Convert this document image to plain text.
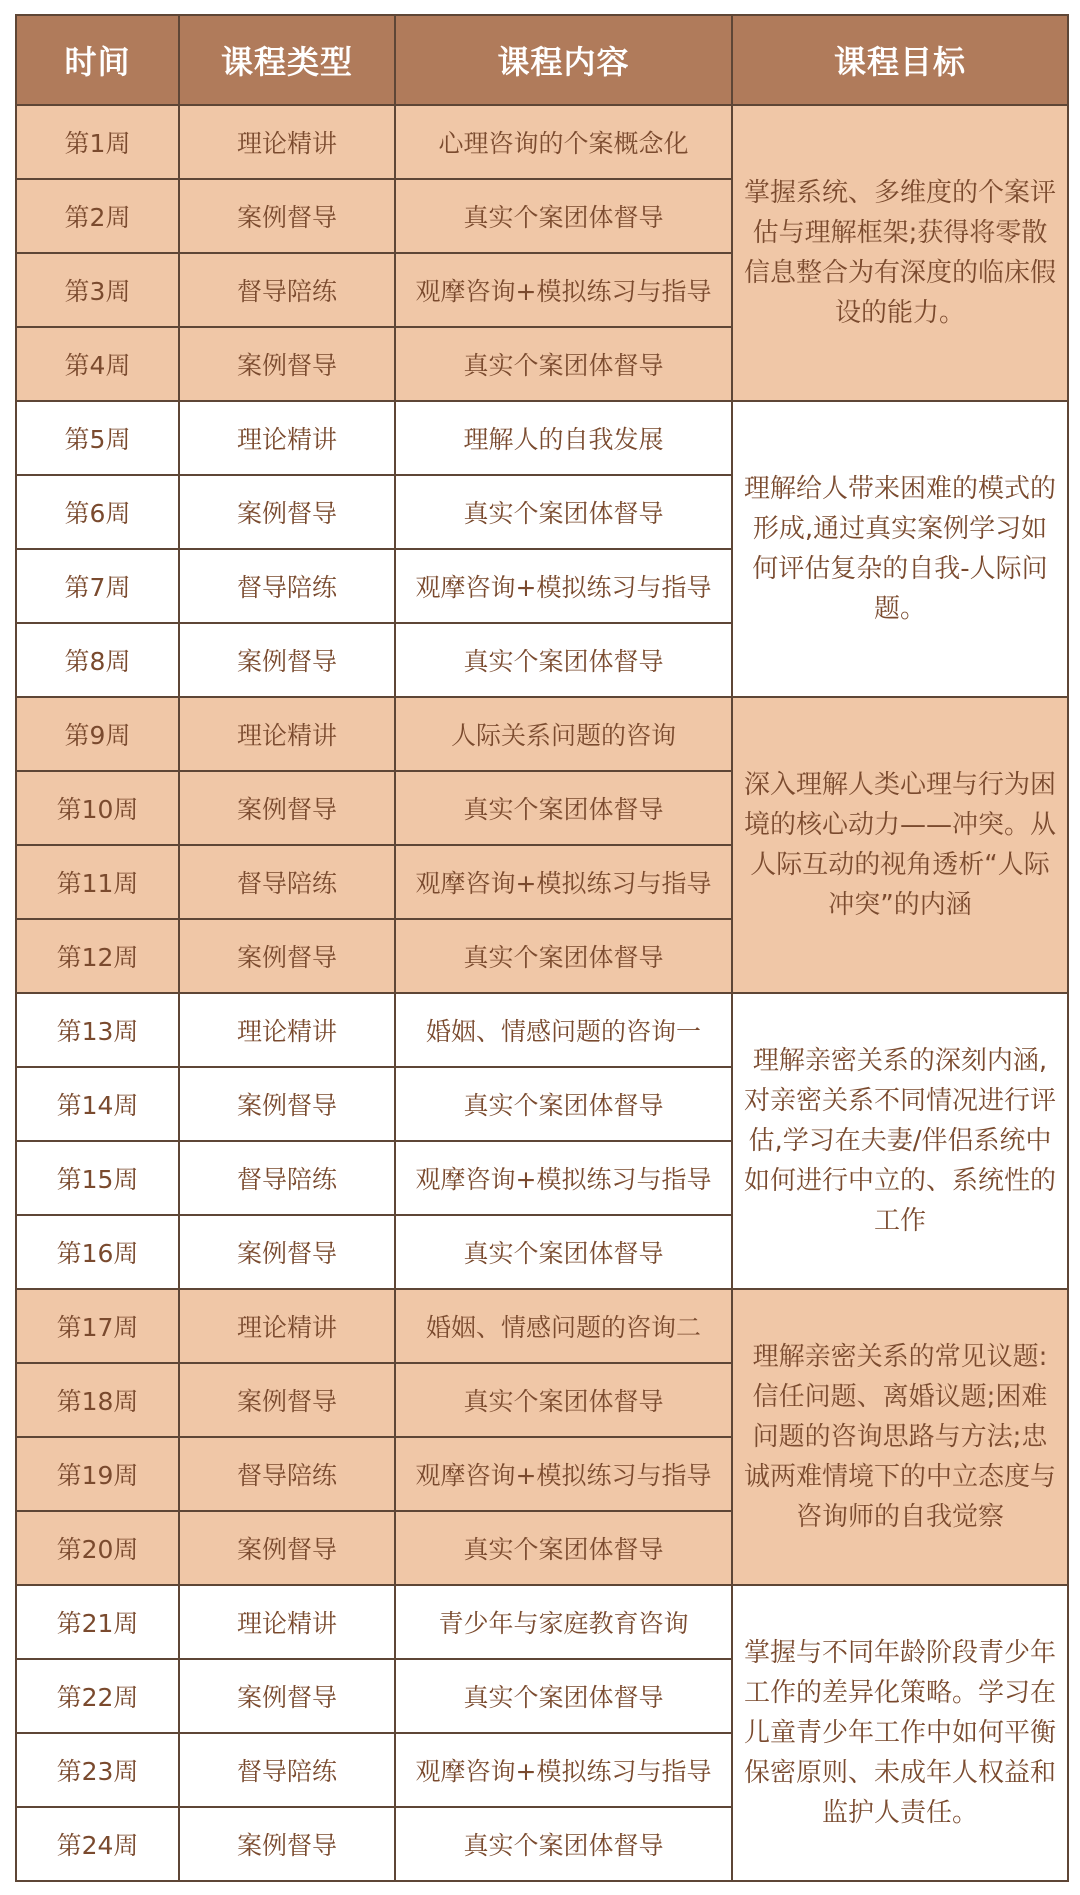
时间	课程类型	课程内容	课程目标
第1周	理论精讲	心理咨询的个案概念化	掌握系统、多维度的个案评估与理解框架;获得将零散信息整合为有深度的临床假设的能力。
第2周	案例督导	真实个案团体督导	
第3周	督导陪练	观摩咨询+模拟练习与指导	
第4周	案例督导	真实个案团体督导	
第5周	理论精讲	理解人的自我发展	理解给人带来困难的模式的形成,通过真实案例学习如何评估复杂的自我-人际问题。
第6周	案例督导	真实个案团体督导	
第7周	督导陪练	观摩咨询+模拟练习与指导	
第8周	案例督导	真实个案团体督导	
第9周	理论精讲	人际关系问题的咨询	深入理解人类心理与行为困境的核心动力——冲突。从人际互动的视角透析“人际冲突”的内涵
第10周	案例督导	真实个案团体督导	
第11周	督导陪练	观摩咨询+模拟练习与指导	
第12周	案例督导	真实个案团体督导	
第13周	理论精讲	婚姻、情感问题的咨询一	理解亲密关系的深刻内涵,对亲密关系不同情况进行评估,学习在夫妻/伴侣系统中如何进行中立的、系统性的工作
第14周	案例督导	真实个案团体督导	
第15周	督导陪练	观摩咨询+模拟练习与指导	
第16周	案例督导	真实个案团体督导	
第17周	理论精讲	婚姻、情感问题的咨询二	理解亲密关系的常见议题:信任问题、离婚议题;困难问题的咨询思路与方法;忠诚两难情境下的中立态度与咨询师的自我觉察
第18周	案例督导	真实个案团体督导	
第19周	督导陪练	观摩咨询+模拟练习与指导	
第20周	案例督导	真实个案团体督导	
第21周	理论精讲	青少年与家庭教育咨询	掌握与不同年龄阶段青少年工作的差异化策略。学习在儿童青少年工作中如何平衡保密原则、未成年人权益和监护人责任。
第22周	案例督导	真实个案团体督导	
第23周	督导陪练	观摩咨询+模拟练习与指导	
第24周	案例督导	真实个案团体督导	
